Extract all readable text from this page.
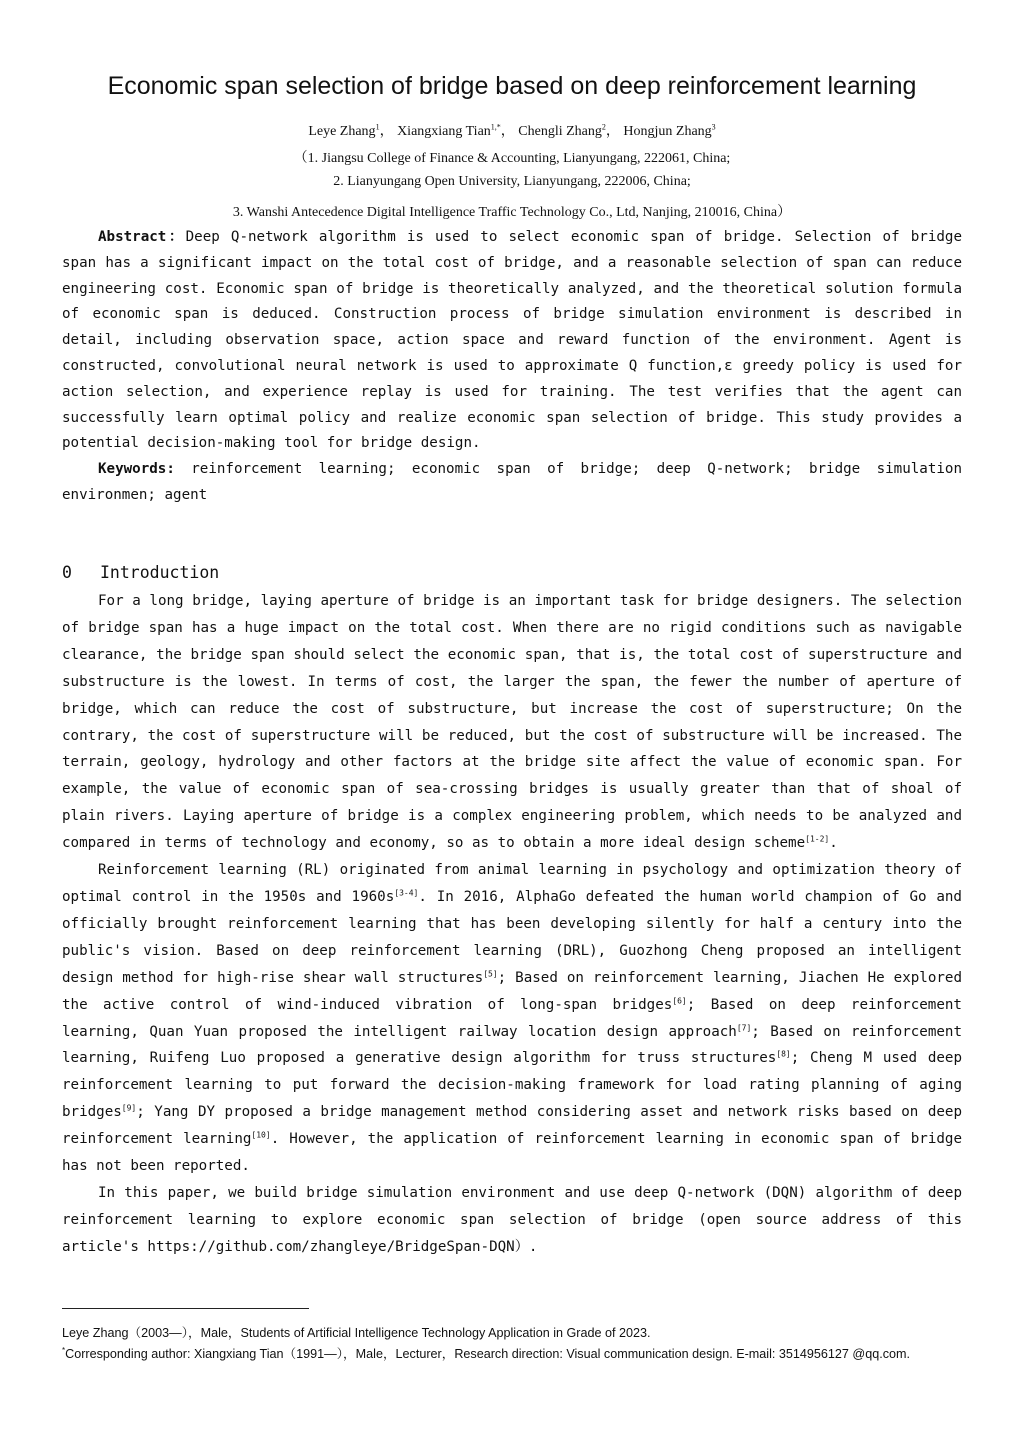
Economic span selection of bridge based on deep reinforcement learning
Leye Zhang$^1$， Xiangxiang Tian$^{1,*}$， Chengli Zhang$^2$， Hongjun Zhang$^3$
（1. Jiangsu College of Finance & Accounting, Lianyungang, 222061, China;
2. Lianyungang Open University, Lianyungang, 222006, China;
3. Wanshi Antecedence Digital Intelligence Traffic Technology Co., Ltd, Nanjing, 210016, China）

Abstract：Deep Q-network algorithm is used to select economic span of bridge. Selection of bridge span has a significant impact on the total cost of bridge, and a reasonable selection of span can reduce engineering cost. Economic span of bridge is theoretically analyzed, and the theoretical solution formula of economic span is deduced. Construction process of bridge simulation environment is described in detail, including observation space, action space and reward function of the environment. Agent is constructed, convolutional neural network is used to approximate Q function,ε greedy policy is used for action selection, and experience replay is used for training. The test verifies that the agent can successfully learn optimal policy and realize economic span selection of bridge. This study provides a potential decision-making tool for bridge design.

Keywords: reinforcement learning; economic span of bridge; deep Q-network; bridge simulation environmen; agent

0 Introduction

For a long bridge, laying aperture of bridge is an important task for bridge designers. The selection of bridge span has a huge impact on the total cost. When there are no rigid conditions such as navigable clearance, the bridge span should select the economic span, that is, the total cost of superstructure and substructure is the lowest. In terms of cost, the larger the span, the fewer the number of aperture of bridge, which can reduce the cost of substructure, but increase the cost of superstructure; On the contrary, the cost of superstructure will be reduced, but the cost of substructure will be increased. The terrain, geology, hydrology and other factors at the bridge site affect the value of economic span. For example, the value of economic span of sea-crossing bridges is usually greater than that of shoal of plain rivers. Laying aperture of bridge is a complex engineering problem, which needs to be analyzed and compared in terms of technology and economy, so as to obtain a more ideal design scheme[1-2].

Reinforcement learning (RL) originated from animal learning in psychology and optimization theory of optimal control in the 1950s and 1960s[3-4]. In 2016, AlphaGo defeated the human world champion of Go and officially brought reinforcement learning that has been developing silently for half a century into the public's vision. Based on deep reinforcement learning (DRL), Guozhong Cheng proposed an intelligent design method for high-rise shear wall structures[5]; Based on reinforcement learning, Jiachen He explored the active control of wind-induced vibration of long-span bridges[6]; Based on deep reinforcement learning, Quan Yuan proposed the intelligent railway location design approach[7]; Based on reinforcement learning, Ruifeng Luo proposed a generative design algorithm for truss structures[8]; Cheng M used deep reinforcement learning to put forward the decision-making framework for load rating planning of aging bridges[9]; Yang DY proposed a bridge management method considering asset and network risks based on deep reinforcement learning[10]. However, the application of reinforcement learning in economic span of bridge has not been reported.

In this paper, we build bridge simulation environment and use deep Q-network (DQN) algorithm of deep reinforcement learning to explore economic span selection of bridge (open source address of this article's https://github.com/zhangleye/BridgeSpan-DQN）.

Leye Zhang（2003—），Male，Students of Artificial Intelligence Technology Application in Grade of 2023.
*Corresponding author: Xiangxiang Tian（1991—），Male，Lecturer，Research direction: Visual communication design. E-mail: 3514956127 @qq.com.
